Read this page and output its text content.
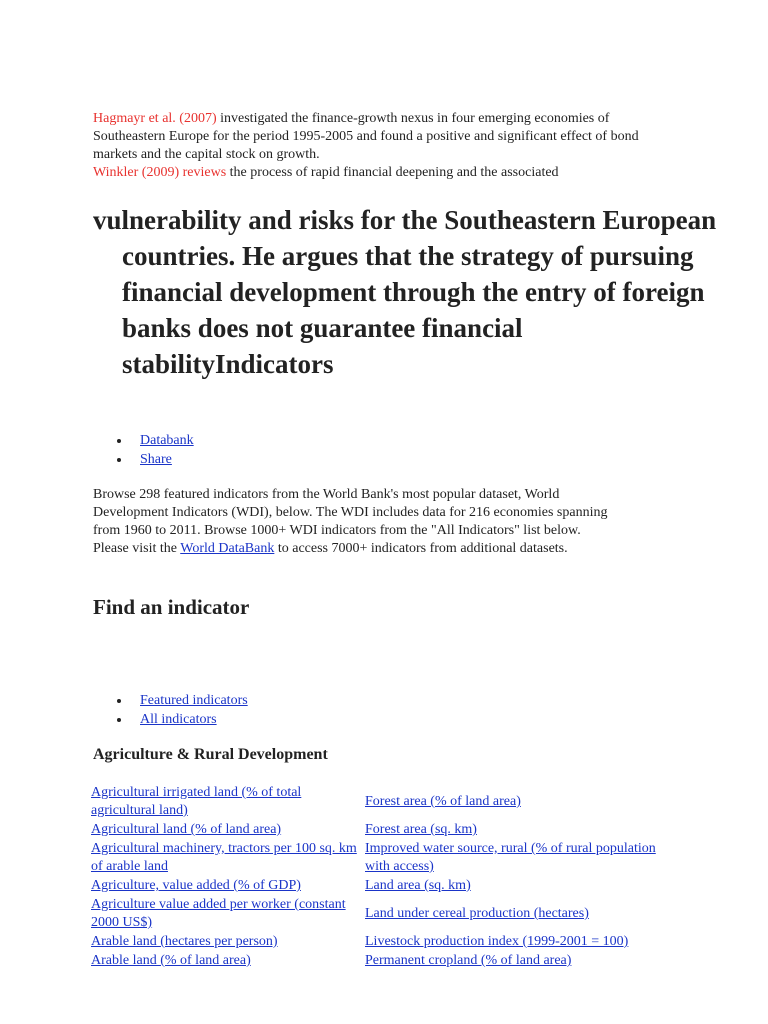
Hagmayr et al. (2007) investigated the finance-growth nexus in four emerging economies of Southeastern Europe for the period 1995-2005 and found a positive and significant effect of bond markets and the capital stock on growth.
Winkler (2009) reviews the process of rapid financial deepening and the associated

vulnerability and risks for the Southeastern European countries. He argues that the strategy of pursuing financial development through the entry of foreign banks does not guarantee financial stabilityIndicators

Databank
Share

Browse 298 featured indicators from the World Bank's most popular dataset, World Development Indicators (WDI), below. The WDI includes data for 216 economies spanning from 1960 to 2011. Browse 1000+ WDI indicators from the "All Indicators" list below. Please visit the World DataBank to access 7000+ indicators from additional datasets.

Find an indicator
Featured indicators
All indicators
Agriculture & Rural Development
Agricultural irrigated land (% of total agricultural land)	Forest area (% of land area)
Agricultural land (% of land area)	Forest area (sq. km)
Agricultural machinery, tractors per 100 sq. km of arable land	Improved water source, rural (% of rural population with access)
Agriculture, value added (% of GDP)	Land area (sq. km)
Agriculture value added per worker (constant 2000 US$)	Land under cereal production (hectares)
Arable land (hectares per person)	Livestock production index (1999-2001 = 100)
Arable land (% of land area)	Permanent cropland (% of land area)
